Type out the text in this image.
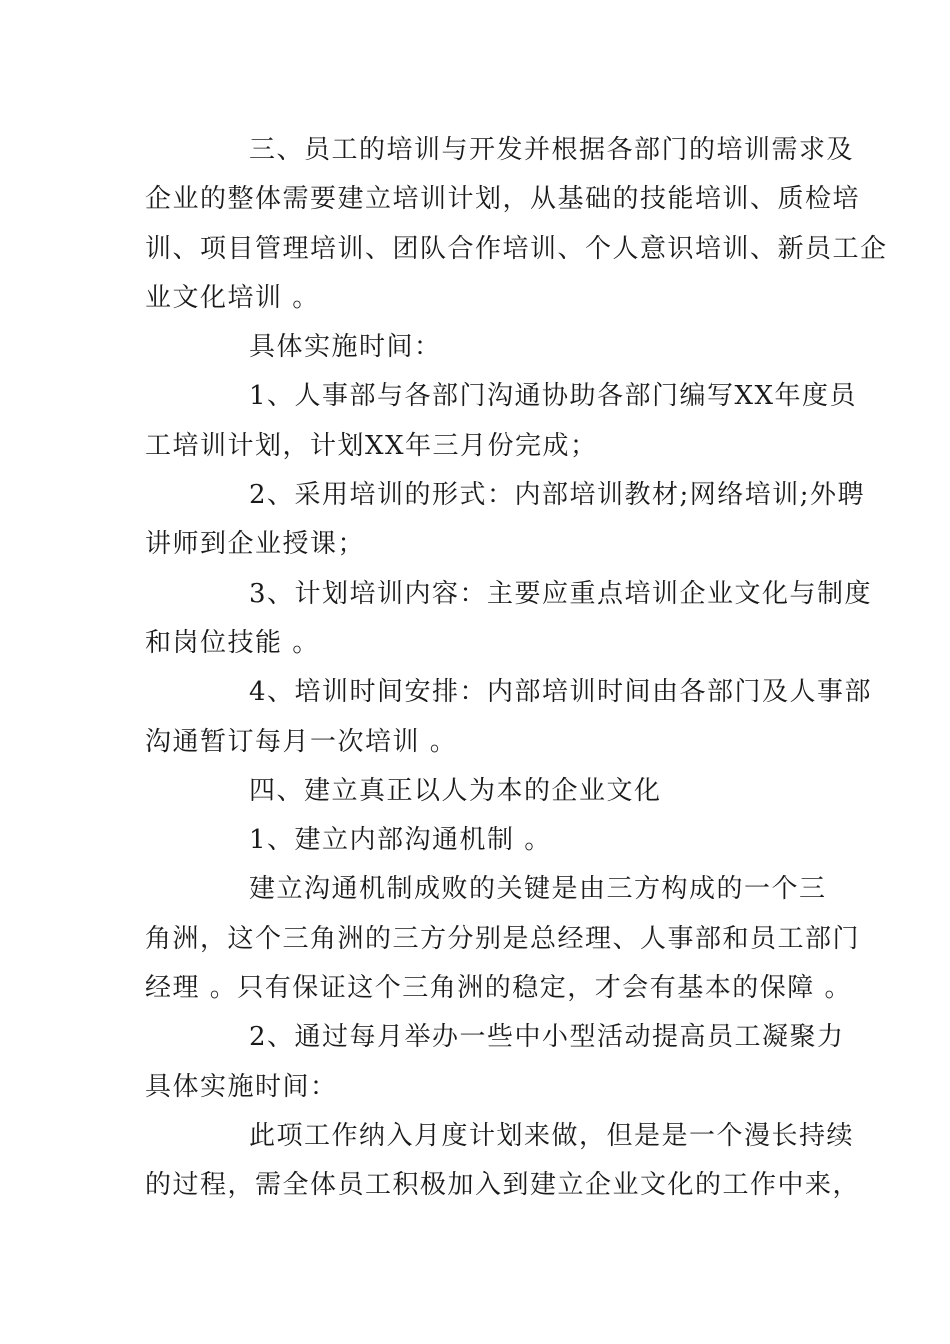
三、员工的培训与开发并根据各部门的培训需求及
企业的整体需要建立培训计划，从基础的技能培训、质检培
训、项目管理培训、团队合作培训、个人意识培训、新员工企
业文化培训 。
具体实施时间：
1、人事部与各部门沟通协助各部门编写XX年度员
工培训计划，计划XX年三月份完成；
2、采用培训的形式：内部培训教材;网络培训;外聘
讲师到企业授课；
3、计划培训内容：主要应重点培训企业文化与制度
和岗位技能 。
4、培训时间安排：内部培训时间由各部门及人事部
沟通暂订每月一次培训 。
四、建立真正以人为本的企业文化
1、建立内部沟通机制 。
建立沟通机制成败的关键是由三方构成的一个三
角洲，这个三角洲的三方分别是总经理、人事部和员工部门
经理 。只有保证这个三角洲的稳定，才会有基本的保障 。
2、通过每月举办一些中小型活动提高员工凝聚力
具体实施时间：
此项工作纳入月度计划来做，但是是一个漫长持续
的过程，需全体员工积极加入到建立企业文化的工作中来，
